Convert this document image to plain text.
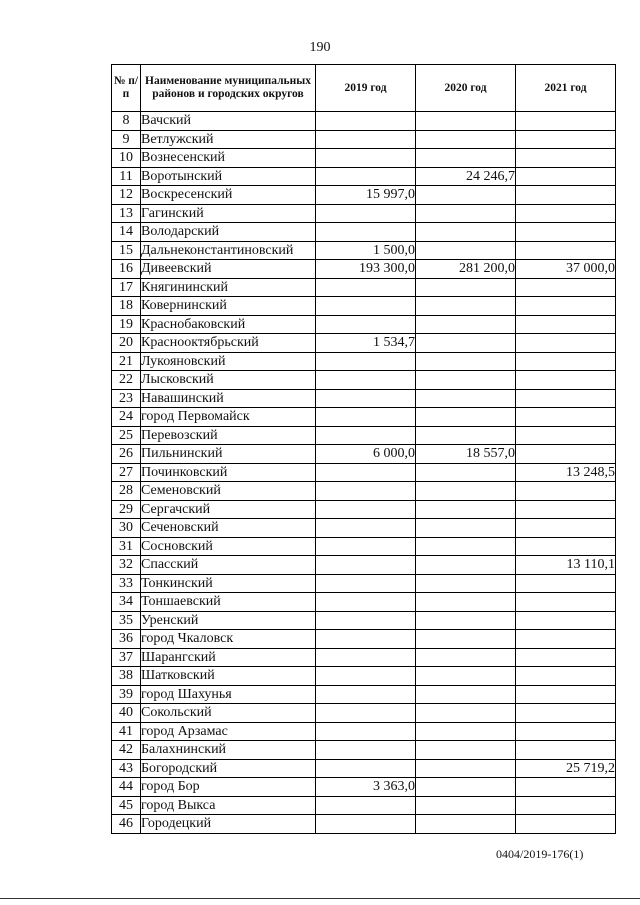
190
№ п/п	Наименование муниципальных районов и городских округов	2019 год	2020 год	2021 год
8	Вачский			
9	Ветлужский			
10	Вознесенский			
11	Воротынский		24 246,7	
12	Воскресенский	15 997,0		
13	Гагинский			
14	Володарский			
15	Дальнеконстантиновский	1 500,0		
16	Дивеевский	193 300,0	281 200,0	37 000,0
17	Княгининский			
18	Ковернинский			
19	Краснобаковский			
20	Краснооктябрьский	1 534,7		
21	Лукояновский			
22	Лысковский			
23	Навашинский			
24	город Первомайск			
25	Перевозский			
26	Пильнинский	6 000,0	18 557,0	
27	Починковский			13 248,5
28	Семеновский			
29	Сергачский			
30	Сеченовский			
31	Сосновский			
32	Спасский			13 110,1
33	Тонкинский			
34	Тоншаевский			
35	Уренский			
36	город Чкаловск			
37	Шарангский			
38	Шатковский			
39	город Шахунья			
40	Сокольский			
41	город Арзамас			
42	Балахнинский			
43	Богородский			25 719,2
44	город Бор	3 363,0		
45	город Выкса			
46	Городецкий			
0404/2019-176(1)
